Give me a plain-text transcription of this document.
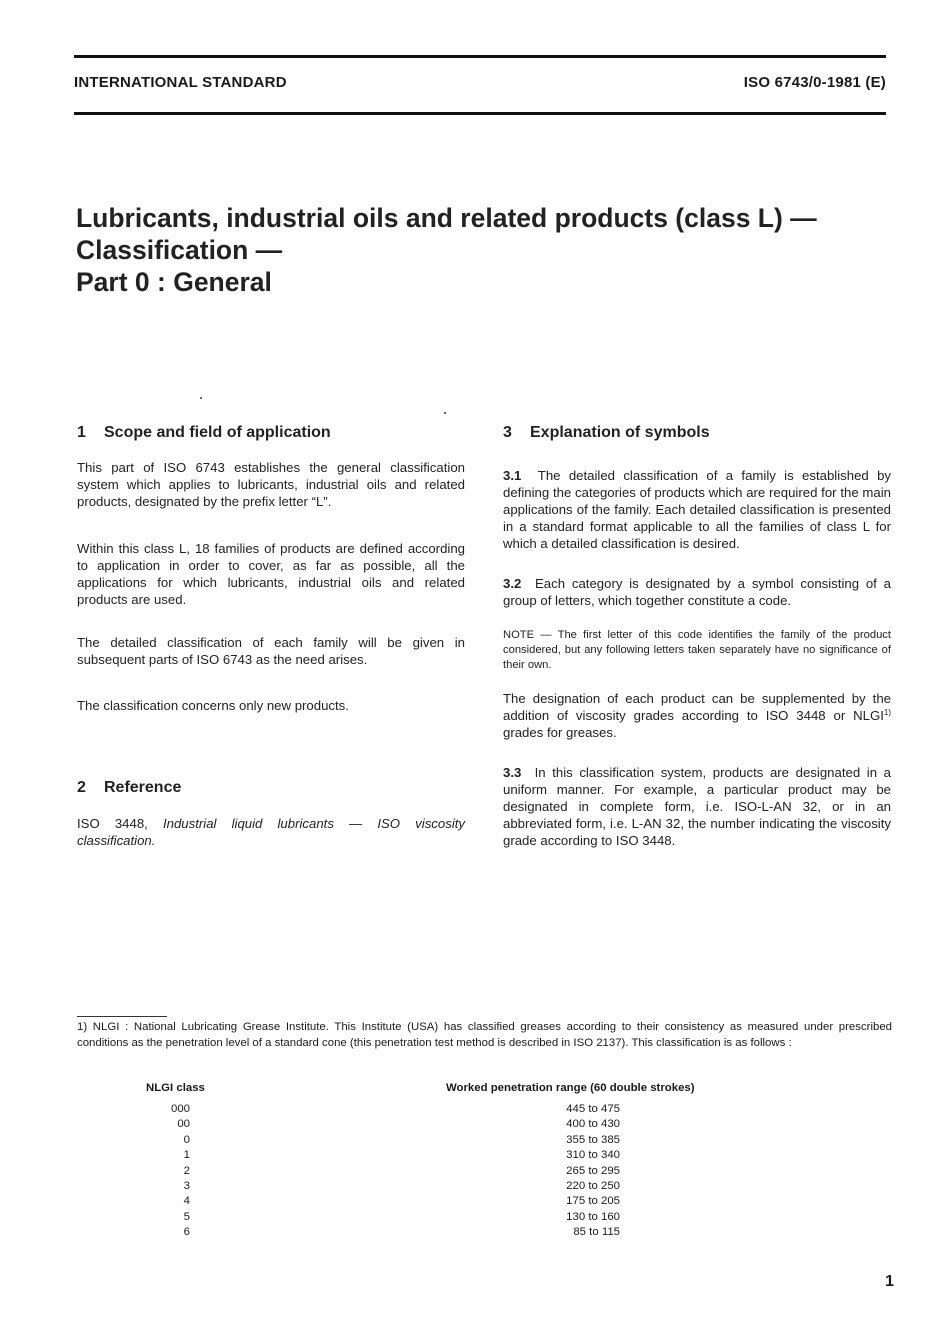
INTERNATIONAL STANDARD	ISO 6743/0-1981 (E)
Lubricants, industrial oils and related products (class L) —
Classification —
Part 0 : General
1 Scope and field of application

This part of ISO 6743 establishes the general classification system which applies to lubricants, industrial oils and related products, designated by the prefix letter “L”.

Within this class L, 18 families of products are defined according to application in order to cover, as far as possible, all the applications for which lubricants, industrial oils and related products are used.

The detailed classification of each family will be given in subsequent parts of ISO 6743 as the need arises.

The classification concerns only new products.

2 Reference

ISO 3448, Industrial liquid lubricants — ISO viscosity classification.

3 Explanation of symbols

3.1 The detailed classification of a family is established by defining the categories of products which are required for the main applications of the family. Each detailed classification is presented in a standard format applicable to all the families of class L for which a detailed classification is desired.

3.2 Each category is designated by a symbol consisting of a group of letters, which together constitute a code.

NOTE — The first letter of this code identifies the family of the product considered, but any following letters taken separately have no significance of their own.

The designation of each product can be supplemented by the addition of viscosity grades according to ISO 3448 or NLGI$^{1)}$ grades for greases.

3.3 In this classification system, products are designated in a uniform manner. For example, a particular product may be designated in complete form, i.e. ISO-L-AN 32, or in an abbreviated form, i.e. L-AN 32, the number indicating the viscosity grade according to ISO 3448.

1) NLGI : National Lubricating Grease Institute. This Institute (USA) has classified greases according to their consistency as measured under prescribed conditions as the penetration level of a standard cone (this penetration test method is described in ISO 2137). This classification is as follows :
NLGI class	Worked penetration range (60 double strokes)
000
00
0
1
2
3
4
5
6
445 to 475
400 to 430
355 to 385
310 to 340
265 to 295
220 to 250
175 to 205
130 to 160
85 to 115
1
